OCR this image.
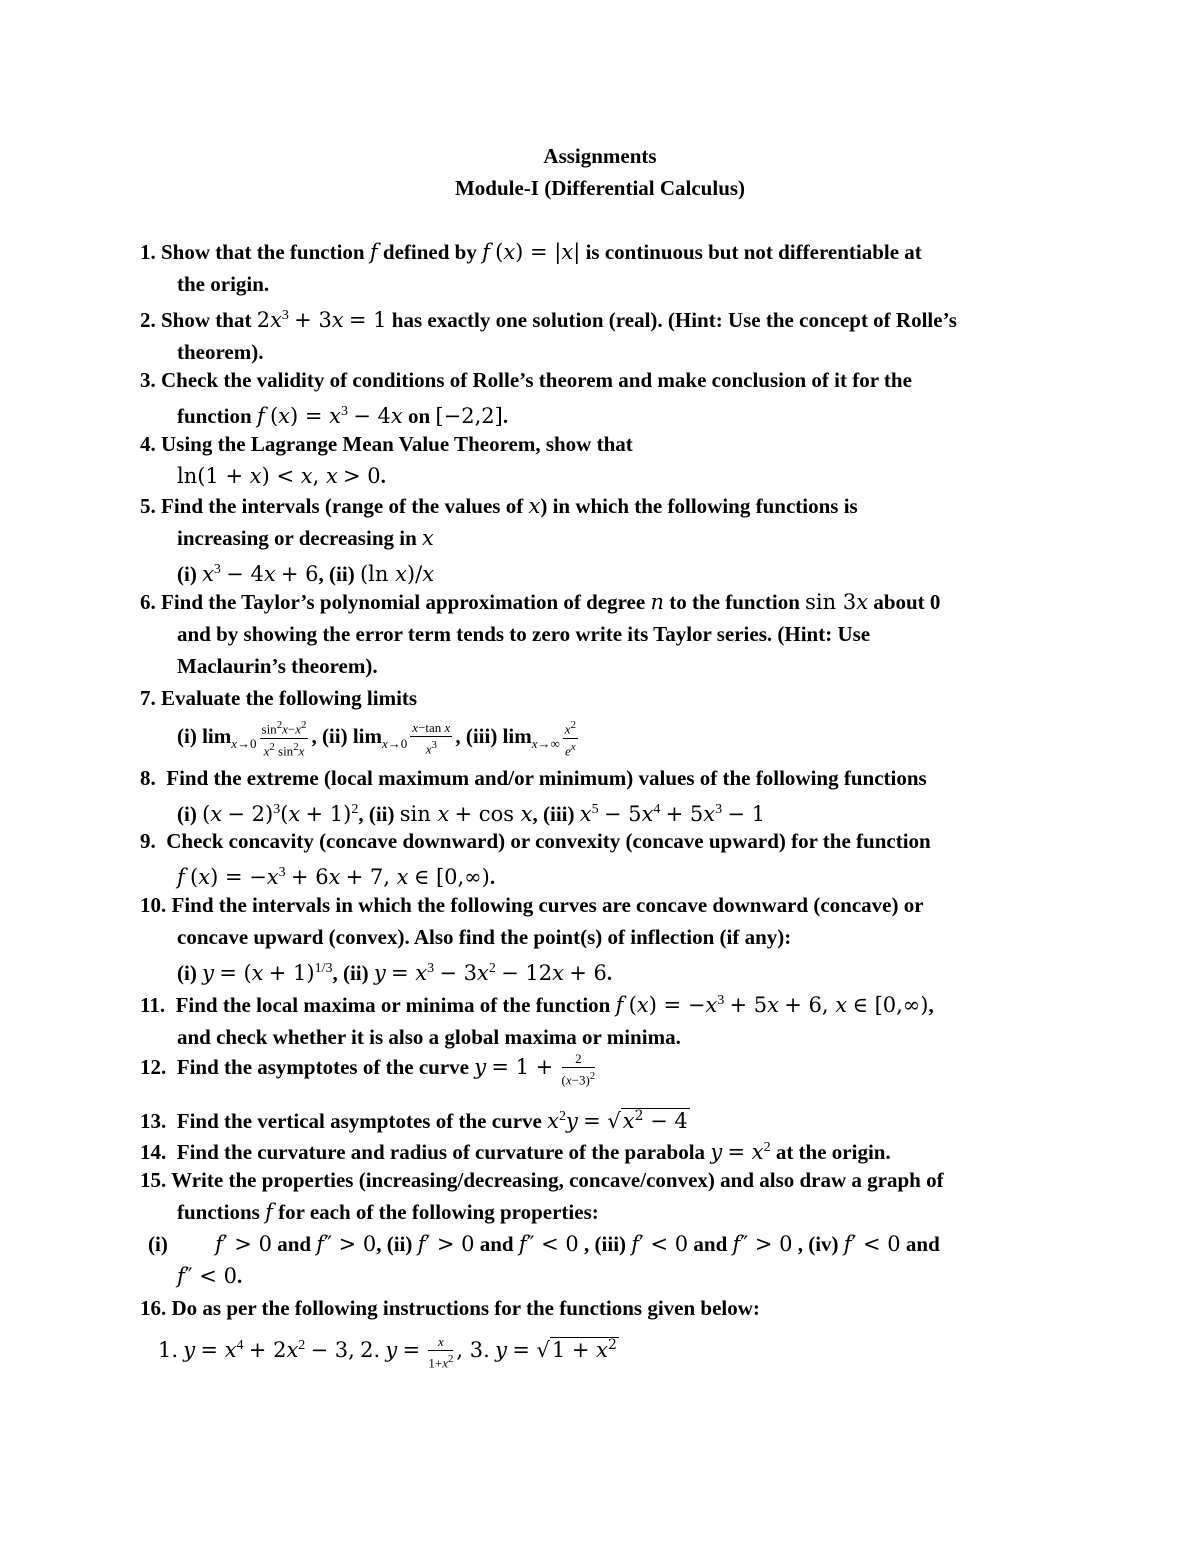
Assignments
Module-I (Differential Calculus)
1. Show that the function f defined by f (x) = |x| is continuous but not differentiable at
the origin.
2. Show that $2x^3 + 3x = 1$ has exactly one solution (real). (Hint: Use the concept of Rolle’s
theorem).
3. Check the validity of conditions of Rolle’s theorem and make conclusion of it for the
function f $(x) = x^3 - 4x$ on [−2,2].
4. Using the Lagrange Mean Value Theorem, show that
ln(1 + x) < x, x > 0.
5. Find the intervals (range of the values of x) in which the following functions is
increasing or decreasing in x
(i) $x^3 - 4x + 6$, (ii) (ln x)/x
6. Find the Taylor’s polynomial approximation of degree n to the function sin 3x about 0
and by showing the error term tends to zero write its Taylor series. (Hint: Use
Maclaurin’s theorem).
7. Evaluate the following limits
(i) $\lim_{x\to 0} \frac{\sin^2x-x^2}{x^2 \sin^2x}$ , (ii) $\lim_{x\to 0} \frac{\text{x−tan x}}{x^3}$ , (iii) $\lim_{x\to\infty} \frac{x^2}{e^x}$
8.  Find the extreme (local maximum and/or minimum) values of the following functions
(i) $(x - 2)^3(x + 1)^2$, (ii) sin x + cos x, (iii) $x^5 - 5x^4 + 5x^3 - 1$
9.  Check concavity (concave downward) or convexity (concave upward) for the function
f $(x) = -x^3 + 6x + 7$, x ∈ [0,∞).
10. Find the intervals in which the following curves are concave downward (concave) or
concave upward (convex). Also find the point(s) of inflection (if any):
(i) $y = (x + 1)^{1/3}$, (ii) $y = x^3 - 3x^2 - 12x + 6$.
11.  Find the local maxima or minima of the function f $(x) = -x^3 + 5x + 6$, x ∈ [0,∞),
and check whether it is also a global maxima or minima.
12.  Find the asymptotes of the curve $y = 1 + \frac{2}{(x-3)^2}$
13.  Find the vertical asymptotes of the curve $x^2y = √x^2 - 4$
14.  Find the curvature and radius of curvature of the parabola $y = x^2$ at the origin.
15. Write the properties (increasing/decreasing, concave/convex) and also draw a graph of
functions f for each of the following properties:
(i)         f′ > 0 and f″ > 0, (ii) f′ > 0 and f″ < 0 , (iii) f′ < 0 and f″ > 0 , (iv) f′ < 0 and
f″ < 0.
16. Do as per the following instructions for the functions given below:
1. $y = x^4 + 2x^2 - 3$, 2. $y = \frac{x}{1+x^2}$ , 3. $y = √1 + x^2$
